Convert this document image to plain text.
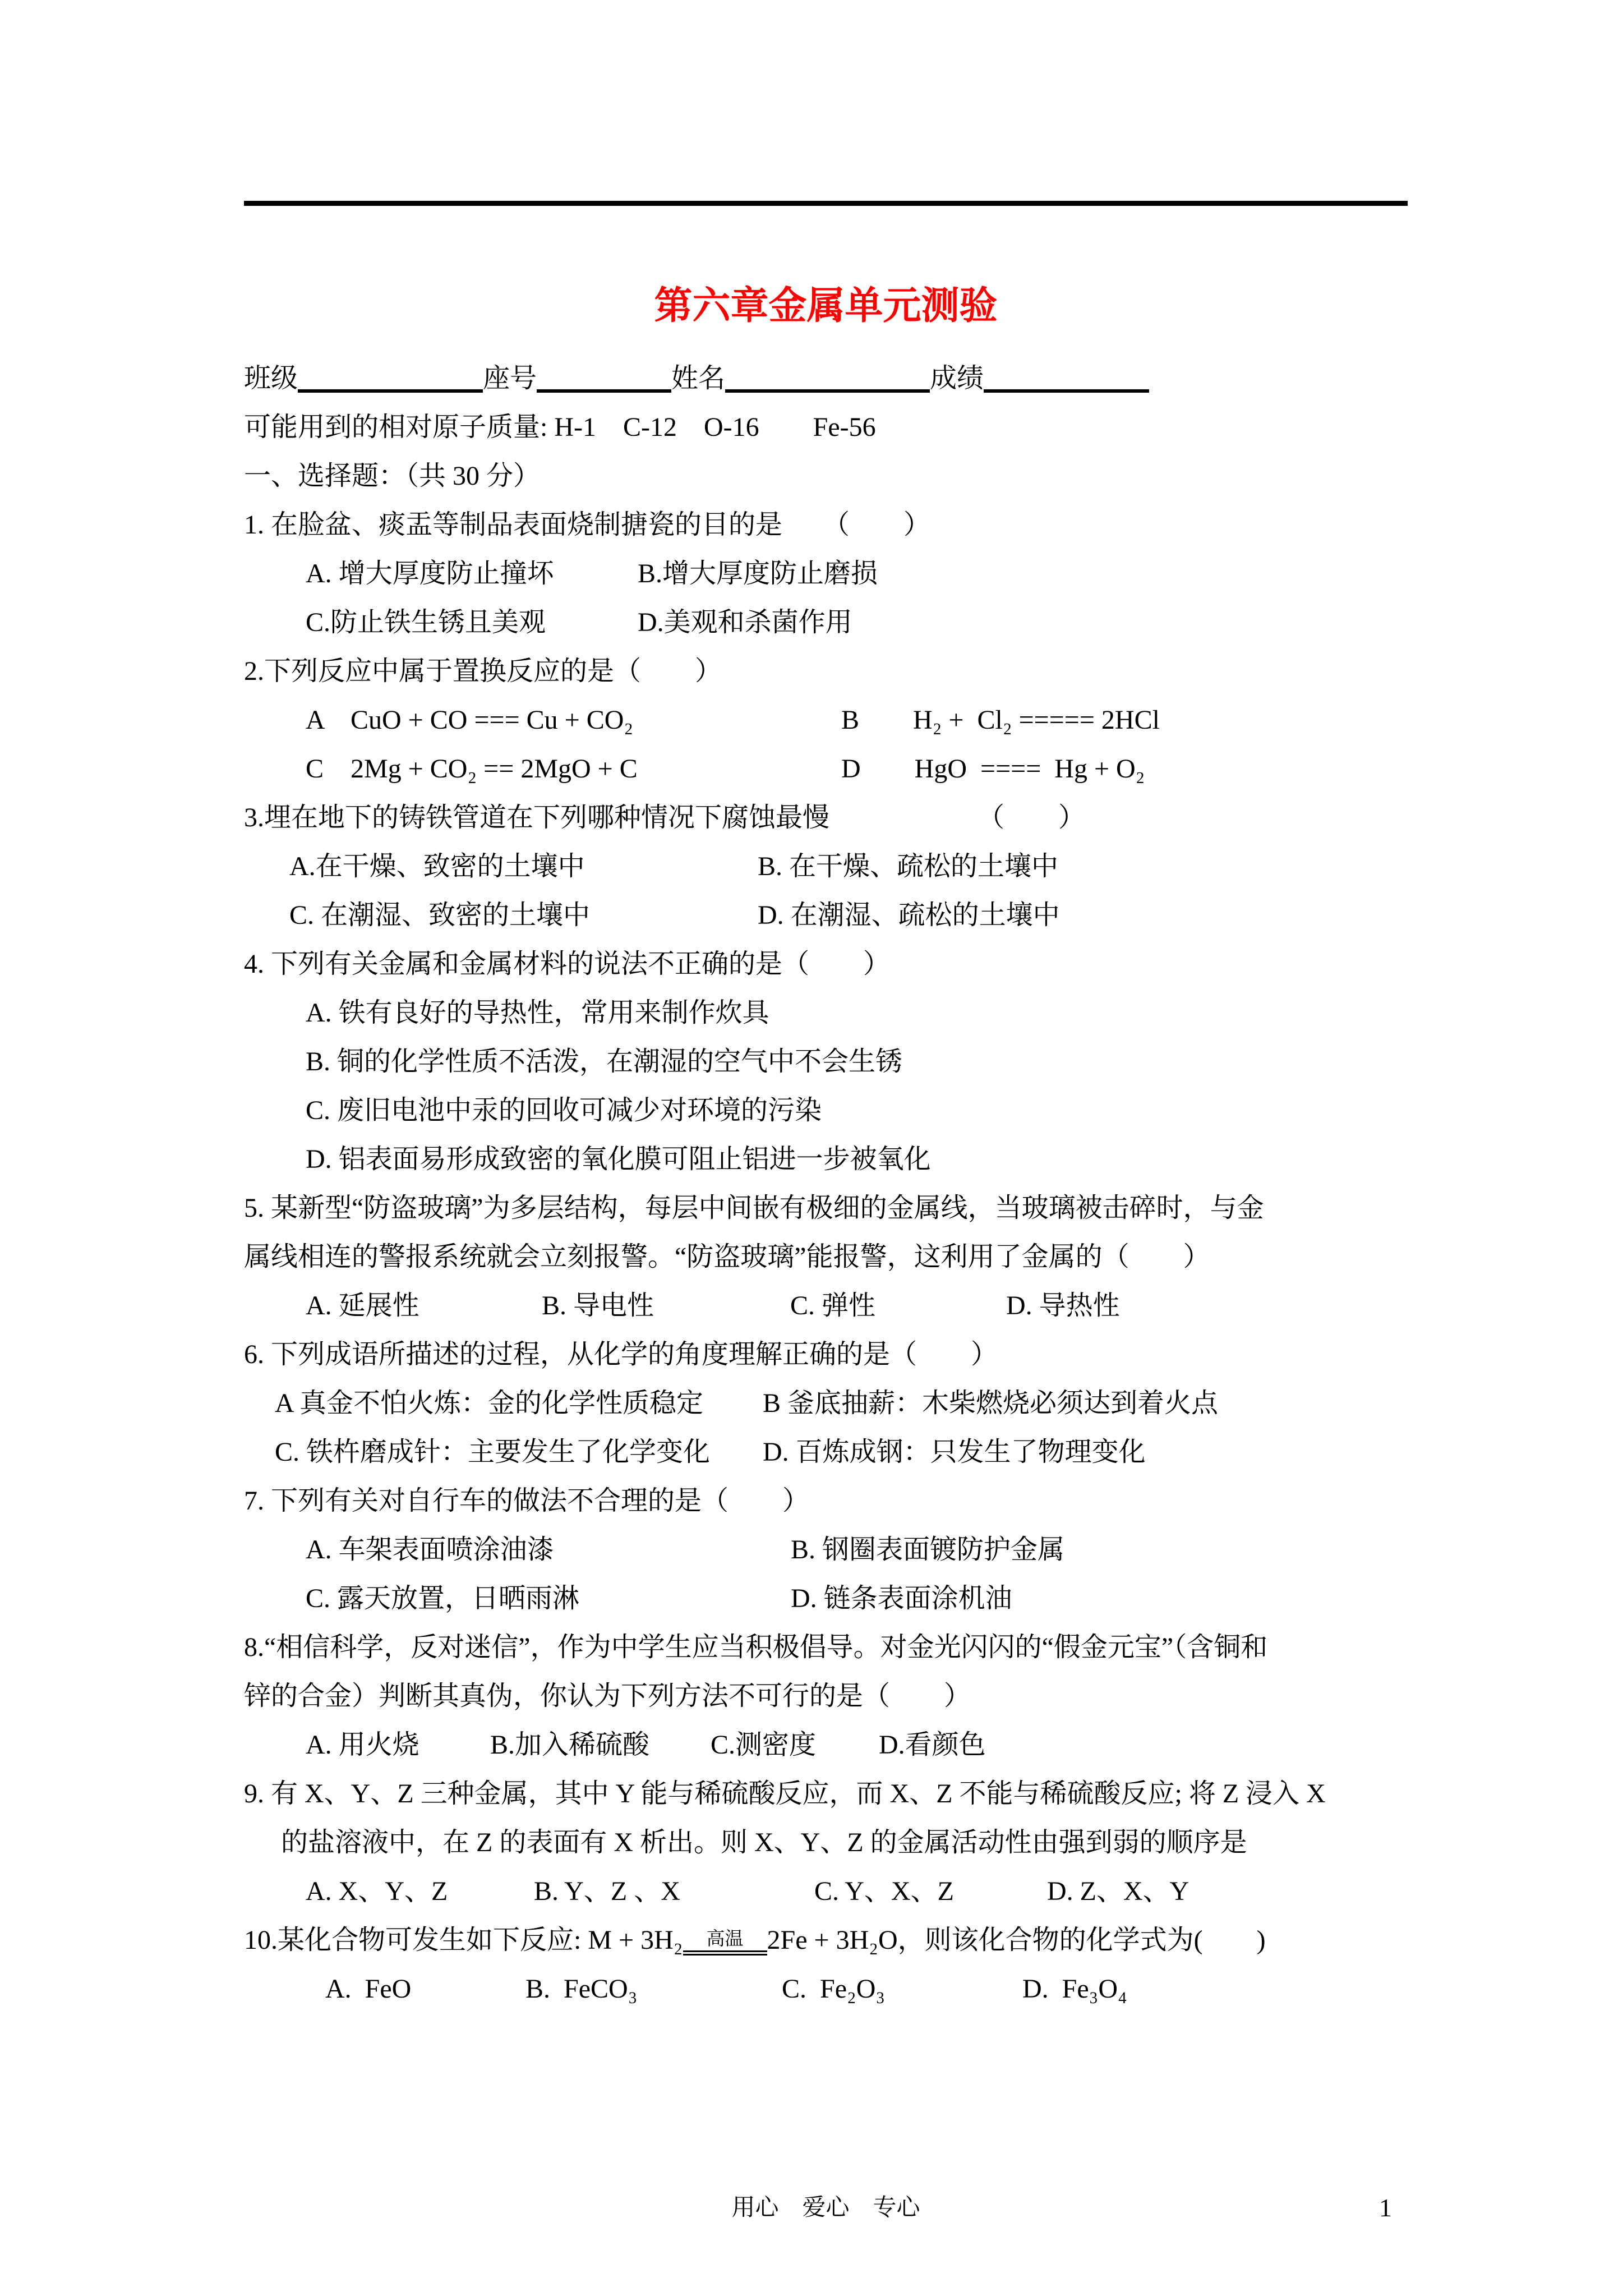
第六章金属单元测验
班级	座号	姓名	成绩
可能用到的相对原子质量: H-1　C-12　O-16　　Fe-56
一、选择题：（共 30 分）
1. 在脸盆、痰盂等制品表面烧制搪瓷的目的是　　（　　）
A. 增大厚度防止撞坏	B.增大厚度防止磨损
C.防止铁生锈且美观	D.美观和杀菌作用
2.下列反应中属于置换反应的是（　　）
A　CuO + CO === Cu + CO₂	B　　H₂ +  Cl₂ ===== 2HCl
C　2Mg + CO₂ == 2MgO + C	D　　HgO  ====  Hg + O₂
3.埋在地下的铸铁管道在下列哪种情况下腐蚀最慢　　　　　　（　　）
A.在干燥、致密的土壤中	B. 在干燥、疏松的土壤中
C. 在潮湿、致密的土壤中	D. 在潮湿、疏松的土壤中
4. 下列有关金属和金属材料的说法不正确的是（　　）
A. 铁有良好的导热性，常用来制作炊具
B. 铜的化学性质不活泼，在潮湿的空气中不会生锈
C. 废旧电池中汞的回收可减少对环境的污染
D. 铝表面易形成致密的氧化膜可阻止铝进一步被氧化
5. 某新型“防盗玻璃”为多层结构，每层中间嵌有极细的金属线，当玻璃被击碎时，与金
属线相连的警报系统就会立刻报警。“防盗玻璃”能报警，这利用了金属的（　　）
A. 延展性	B. 导电性	C. 弹性	D. 导热性
6. 下列成语所描述的过程，从化学的角度理解正确的是（　　）
A 真金不怕火炼：金的化学性质稳定	B 釜底抽薪：木柴燃烧必须达到着火点
C. 铁杵磨成针：主要发生了化学变化	D. 百炼成钢：只发生了物理变化
7. 下列有关对自行车的做法不合理的是（　　）
A. 车架表面喷涂油漆	B. 钢圈表面镀防护金属
C. 露天放置，日晒雨淋	D. 链条表面涂机油
8.“相信科学，反对迷信”，作为中学生应当积极倡导。对金光闪闪的“假金元宝”（含铜和
锌的合金）判断其真伪，你认为下列方法不可行的是（　　）
A. 用火烧	B.加入稀硫酸	C.测密度	D.看颜色
9. 有 X、Y、Z 三种金属，其中 Y 能与稀硫酸反应，而 X、Z 不能与稀硫酸反应; 将 Z 浸入 X
的盐溶液中，在 Z 的表面有 X 析出。则 X、Y、Z 的金属活动性由强到弱的顺序是
A. X、Y、Z	B. Y、Z 、X	C. Y、X、Z	D. Z、X、Y
10.某化合物可发生如下反应: M + 3H₂ 高温 2Fe + 3H₂O，则该化合物的化学式为(　　)
A.  FeO	B.  FeCO₃	C.  Fe₂O₃	D.  Fe₃O₄
用心　爱心　专心	1
